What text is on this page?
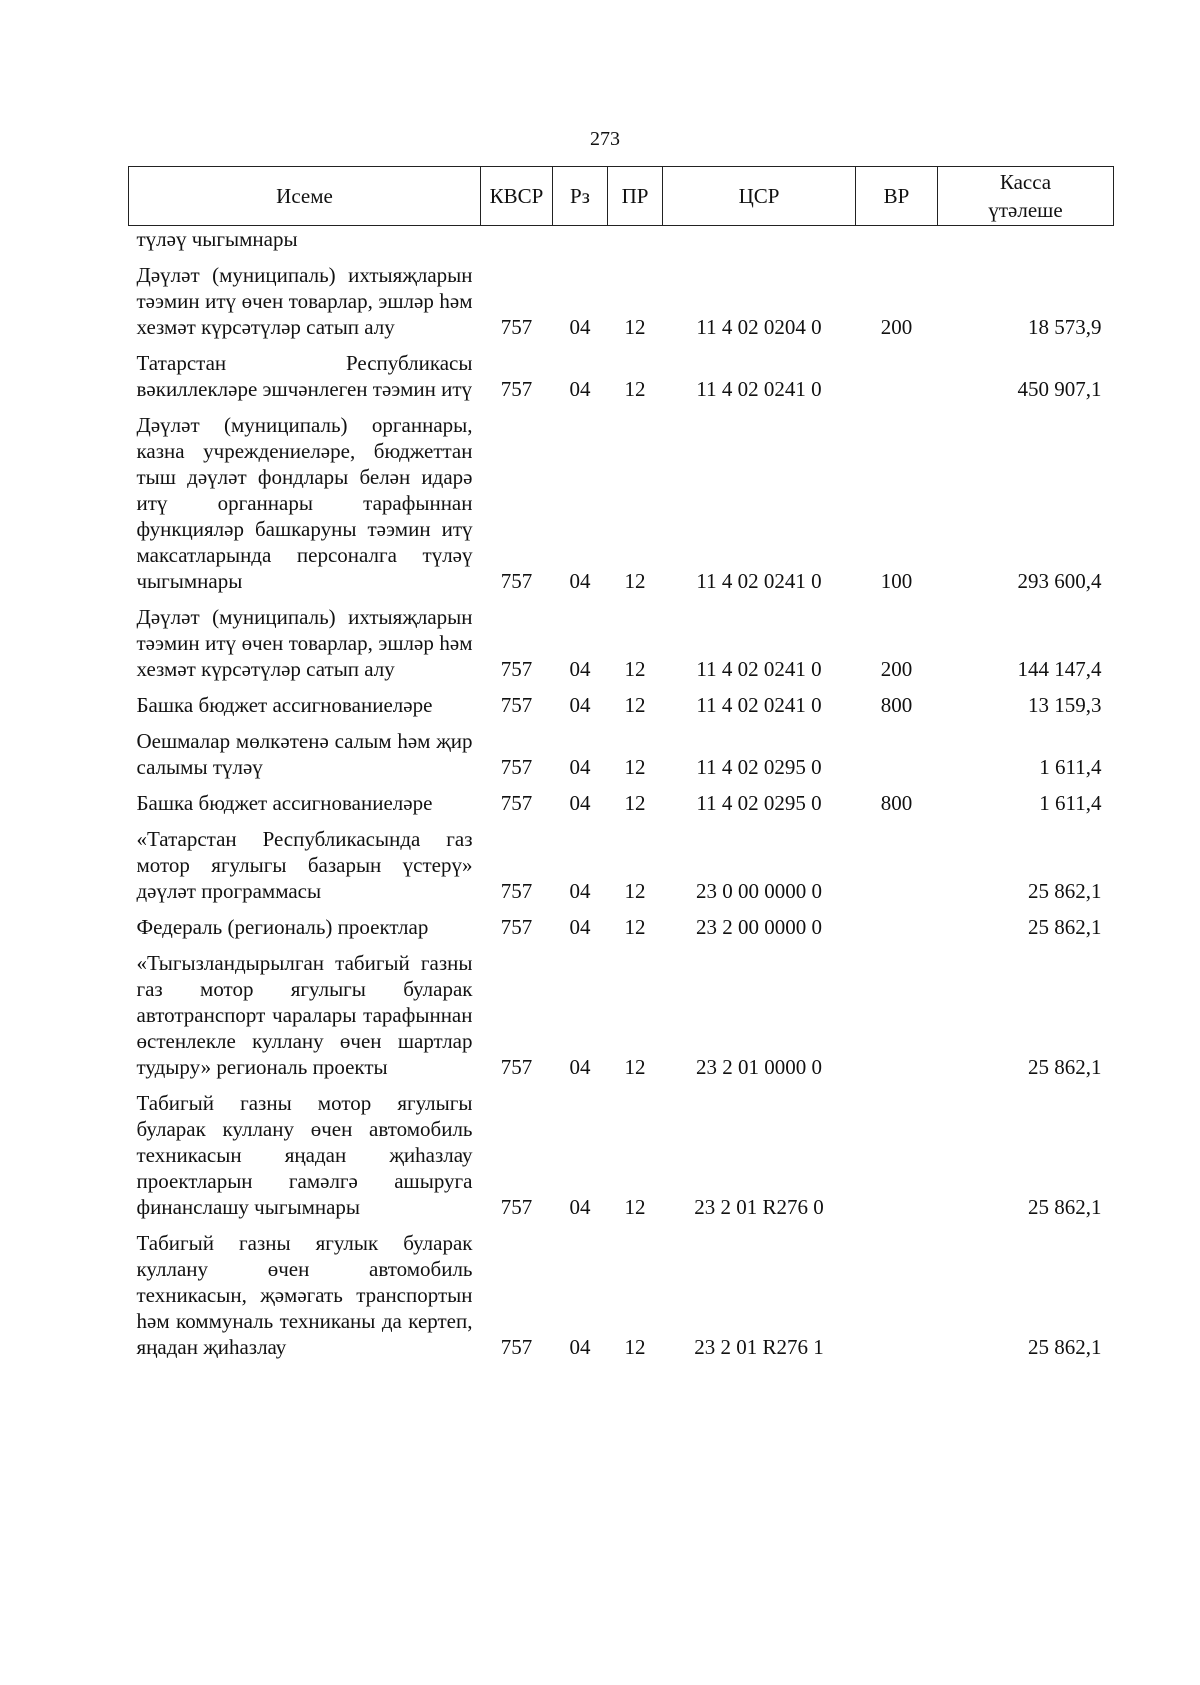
273
Исеме	КВСР	Рз	ПР	ЦСР	ВР	Касса
үтәлеше

түләү чыгымнары						
Дәүләт (муниципаль) ихтыяҗларын тәэмин итү өчен товарлар, эшләр һәм хезмәт күрсәтүләр сатып алу	757	04	12	11 4 02 0204 0	200	18 573,9
Татарстан Республикасы вәкиллекләре эшчәнлеген тәэмин итү	757	04	12	11 4 02 0241 0		450 907,1
Дәүләт (муниципаль) органнары, казна учреждениеләре, бюджеттан тыш дәүләт фондлары белән идарә итү органнары тарафыннан функцияләр башкаруны тәэмин итү максатларында персоналга түләү чыгымнары	757	04	12	11 4 02 0241 0	100	293 600,4
Дәүләт (муниципаль) ихтыяҗларын тәэмин итү өчен товарлар, эшләр һәм хезмәт күрсәтүләр сатып алу	757	04	12	11 4 02 0241 0	200	144 147,4
Башка бюджет ассигнованиеләре	757	04	12	11 4 02 0241 0	800	13 159,3
Оешмалар мөлкәтенә салым һәм җир салымы түләү	757	04	12	11 4 02 0295 0		1 611,4
Башка бюджет ассигнованиеләре	757	04	12	11 4 02 0295 0	800	1 611,4
«Татарстан Республикасында газ мотор ягулыгы базарын үстерү» дәүләт программасы	757	04	12	23 0 00 0000 0		25 862,1
Федераль (региональ) проектлар	757	04	12	23 2 00 0000 0		25 862,1
«Тыгызландырылган табигый газны газ мотор ягулыгы буларак автотранспорт чаралары тарафыннан өстенлекле куллану өчен шартлар тудыру» региональ проекты	757	04	12	23 2 01 0000 0		25 862,1
Табигый газны мотор ягулыгы буларак куллану өчен автомобиль техникасын яңадан җиһазлау проектларын гамәлгә ашыруга финанслашу чыгымнары	757	04	12	23 2 01 R276 0		25 862,1
Табигый газны ягулык буларак куллану өчен автомобиль техникасын, җәмәгать транспортын һәм коммуналь техниканы да кертеп, яңадан җиһазлау	757	04	12	23 2 01 R276 1		25 862,1
